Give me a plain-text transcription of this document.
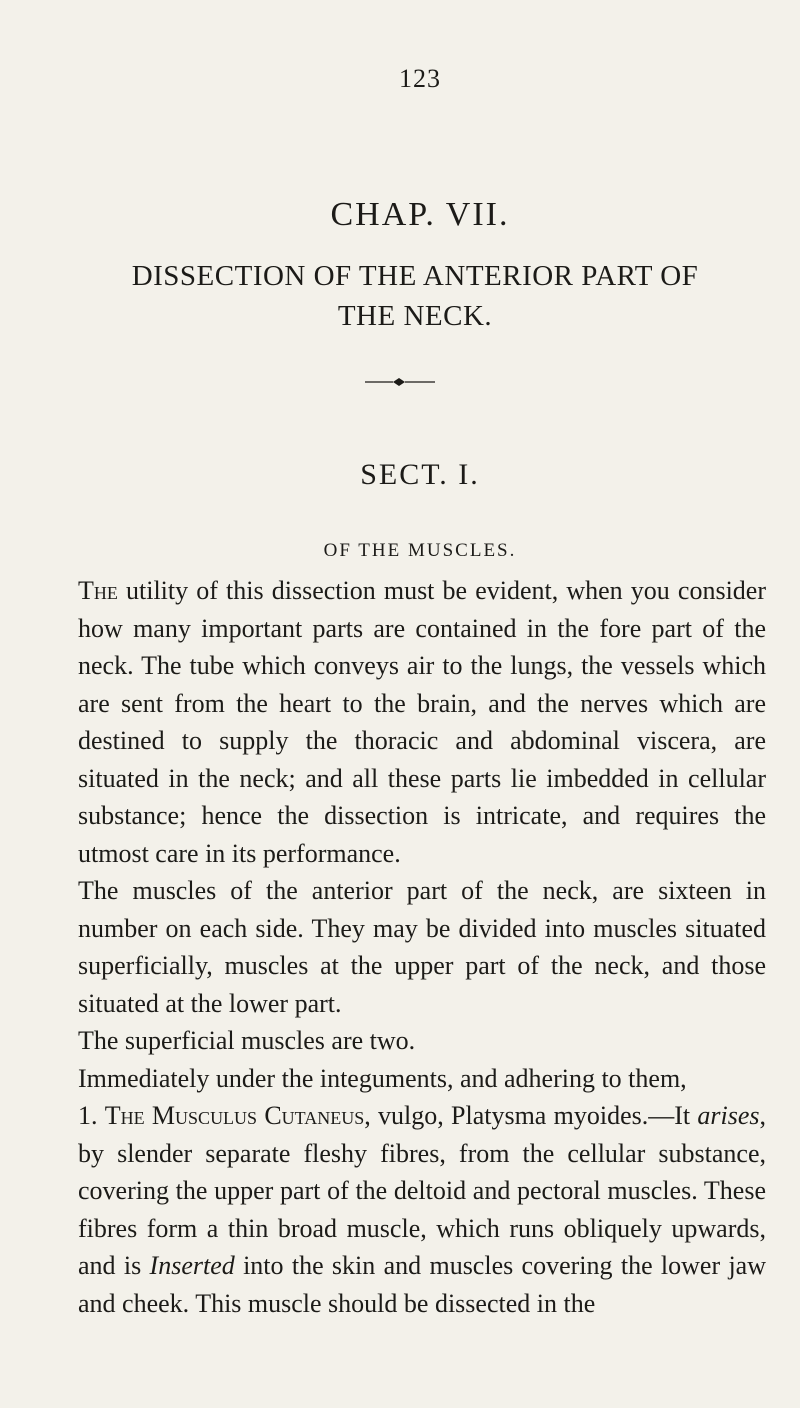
123
CHAP. VII.
DISSECTION OF THE ANTERIOR PART OF
THE NECK.
SECT. I.
OF THE MUSCLES.

The utility of this dissection must be evident, when you consider how many important parts are contained in the fore part of the neck. The tube which conveys air to the lungs, the vessels which are sent from the heart to the brain, and the nerves which are destined to supply the thoracic and abdominal viscera, are situated in the neck; and all these parts lie imbedded in cellular substance; hence the dissection is intricate, and requires the utmost care in its performance.

The muscles of the anterior part of the neck, are sixteen in number on each side. They may be divided into muscles situated superficially, muscles at the upper part of the neck, and those situated at the lower part.

The superficial muscles are two.

Immediately under the integuments, and adhering to them,

1. The Musculus Cutaneus, vulgo, Platysma myoides.—It arises, by slender separate fleshy fibres, from the cellular substance, covering the upper part of the deltoid and pectoral muscles. These fibres form a thin broad muscle, which runs obliquely upwards, and is Inserted into the skin and muscles covering the lower jaw and cheek. This muscle should be dissected in the
